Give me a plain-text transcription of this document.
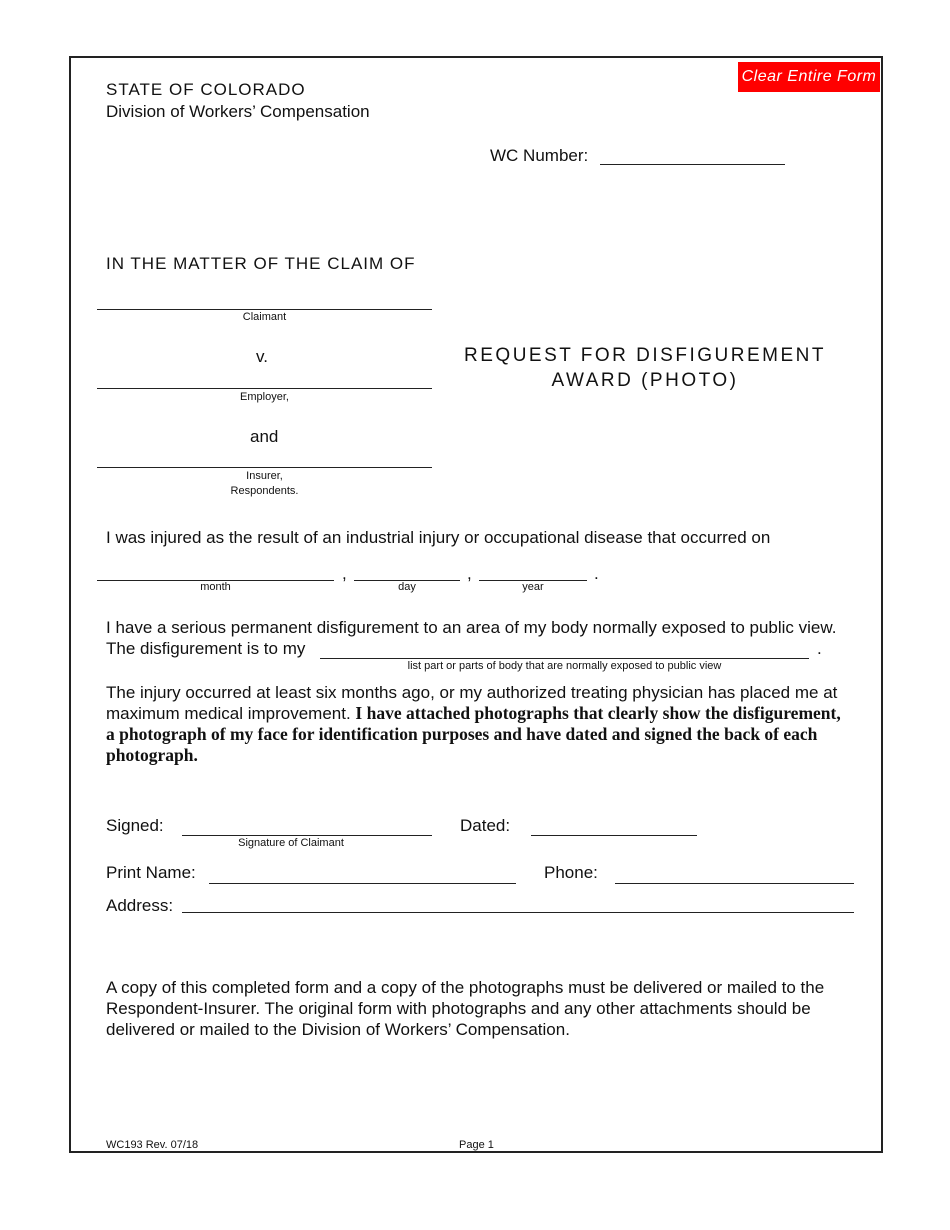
Clear Entire Form
STATE OF COLORADO
Division of Workers’ Compensation
WC Number:
IN THE MATTER OF THE CLAIM OF
Claimant
v.
Employer,
and
Insurer,
Respondents.
REQUEST FOR DISFIGUREMENT
AWARD (PHOTO)
I was injured as the result of an industrial injury or occupational disease that occurred on
month
,
day
,
year
.
I have a serious permanent disfigurement to an area of my body normally exposed to public view.
The disfigurement is to my
list part or parts of body that are normally exposed to public view
.
The injury occurred at least six months ago, or my authorized treating physician has placed me at maximum medical improvement. I have attached photographs that clearly show the disfigurement, a photograph of my face for identification purposes and have dated and signed the back of each photograph.
Signed:
Signature of Claimant
Dated:
Print Name:	Phone:
Address:
A copy of this completed form and a copy of the photographs must be delivered or mailed to the Respondent-Insurer. The original form with photographs and any other attachments should be delivered or mailed to the Division of Workers’ Compensation.
WC193 Rev. 07/18	Page 1
